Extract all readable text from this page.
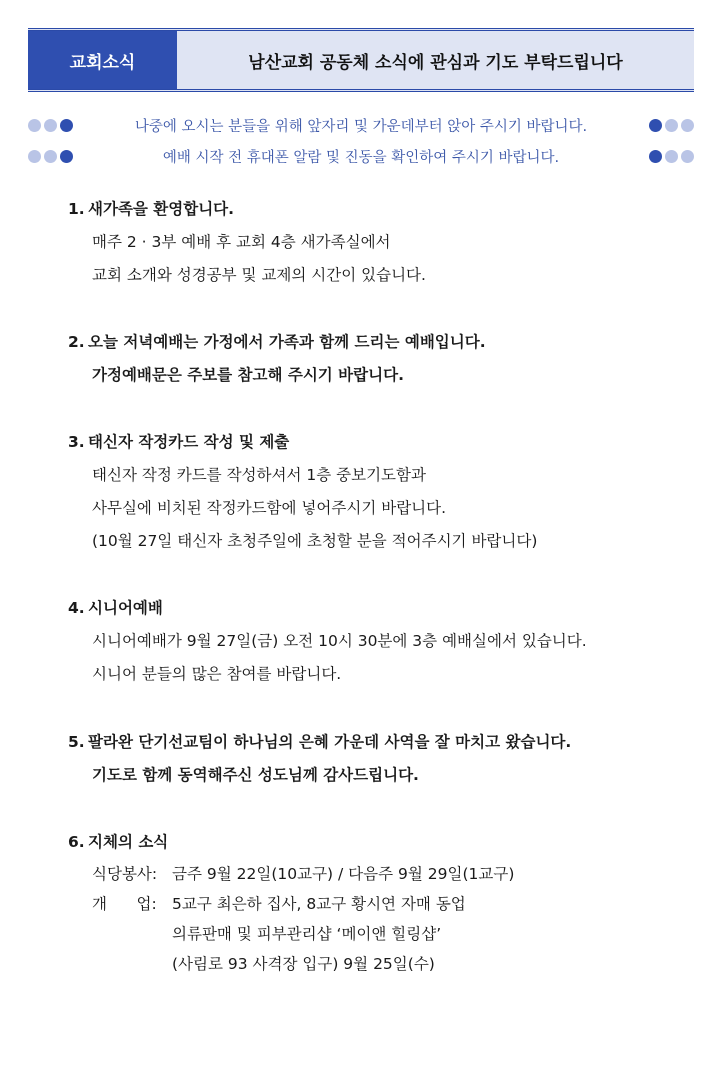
교회소식	남산교회 공동체 소식에 관심과 기도 부탁드립니다
나중에 오시는 분들을 위해 앞자리 및 가운데부터 앉아 주시기 바랍니다.
예배 시작 전 휴대폰 알람 및 진동을 확인하여 주시기 바랍니다.
1. 새가족을 환영합니다.
매주 2 · 3부 예배 후 교회 4층 새가족실에서
교회 소개와 성경공부 및 교제의 시간이 있습니다.
2. 오늘 저녁예배는 가정에서 가족과 함께 드리는 예배입니다.
가정예배문은 주보를 참고해 주시기 바랍니다.
3. 태신자 작정카드 작성 및 제출
태신자 작정 카드를 작성하셔서 1층 중보기도함과
사무실에 비치된 작정카드함에 넣어주시기 바랍니다.
(10월 27일 태신자 초청주일에 초청할 분을 적어주시기 바랍니다)
4. 시니어예배
시니어예배가 9월 27일(금) 오전 10시 30분에 3층 예배실에서 있습니다.
시니어 분들의 많은 참여를 바랍니다.
5. 팔라완 단기선교팀이 하나님의 은혜 가운데 사역을 잘 마치고 왔습니다.
기도로 함께 동역해주신 성도님께 감사드립니다.
6. 지체의 소식
식당봉사: 금주 9월 22일(10교구) / 다음주 9월 29일(1교구)
개      업: 5교구 최은하 집사, 8교구 황시연 자매 동업
의류판매 및 피부관리샵 ‘메이앤 힐링샵’
(사림로 93 사격장 입구) 9월 25일(수)
